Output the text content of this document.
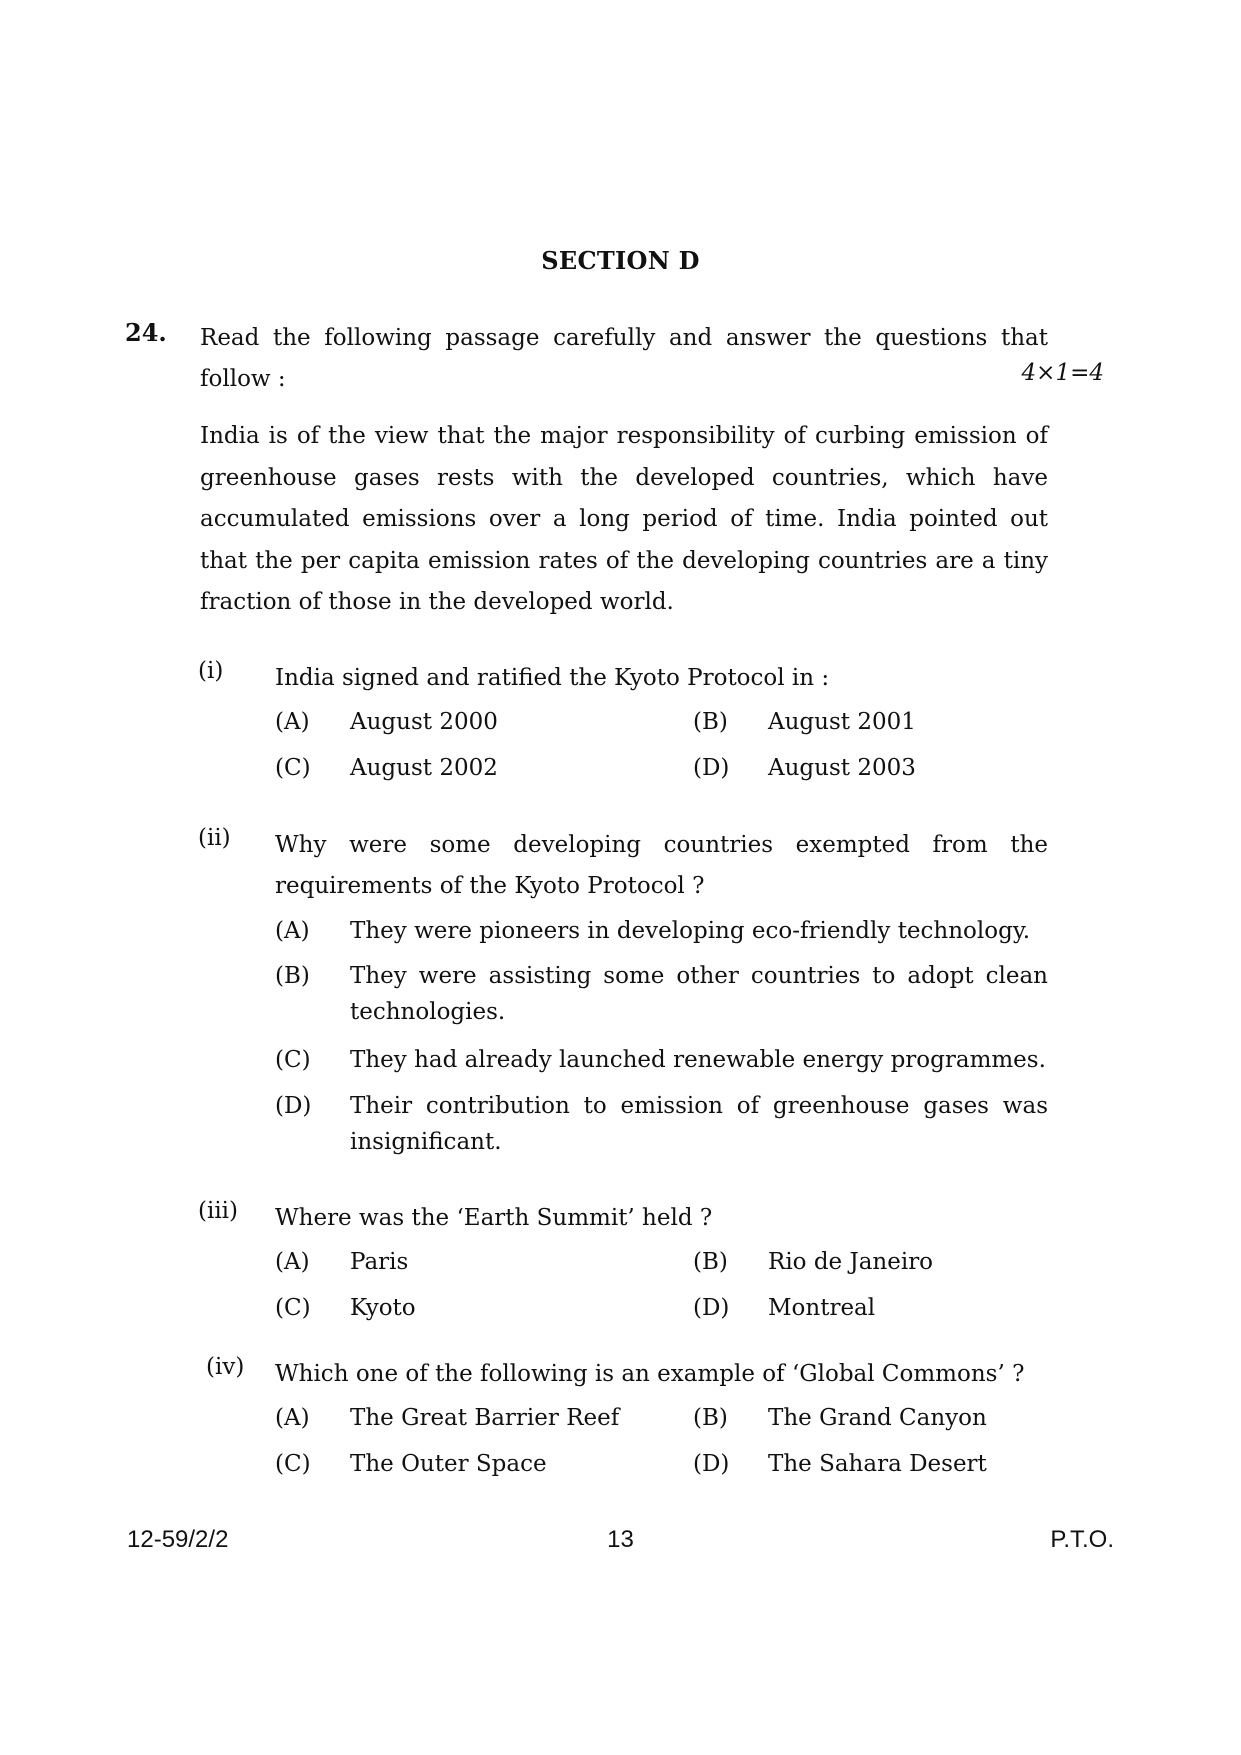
SECTION D
24. Read the following passage carefully and answer the questions that follow :	4×1=4
India is of the view that the major responsibility of curbing emission of greenhouse gases rests with the developed countries, which have accumulated emissions over a long period of time. India pointed out that the per capita emission rates of the developing countries are a tiny fraction of those in the developed world.
(i) India signed and ratified the Kyoto Protocol in :
(A) August 2000	(B) August 2001
(C) August 2002	(D) August 2003
(ii) Why were some developing countries exempted from the requirements of the Kyoto Protocol ?
(A) They were pioneers in developing eco-friendly technology.
(B) They were assisting some other countries to adopt clean technologies.
(C) They had already launched renewable energy programmes.
(D) Their contribution to emission of greenhouse gases was insignificant.
(iii) Where was the ‘Earth Summit’ held ?
(A) Paris	(B) Rio de Janeiro
(C) Kyoto	(D) Montreal
(iv) Which one of the following is an example of ‘Global Commons’ ?
(A) The Great Barrier Reef	(B) The Grand Canyon
(C) The Outer Space	(D) The Sahara Desert
12-59/2/2	13	P.T.O.
